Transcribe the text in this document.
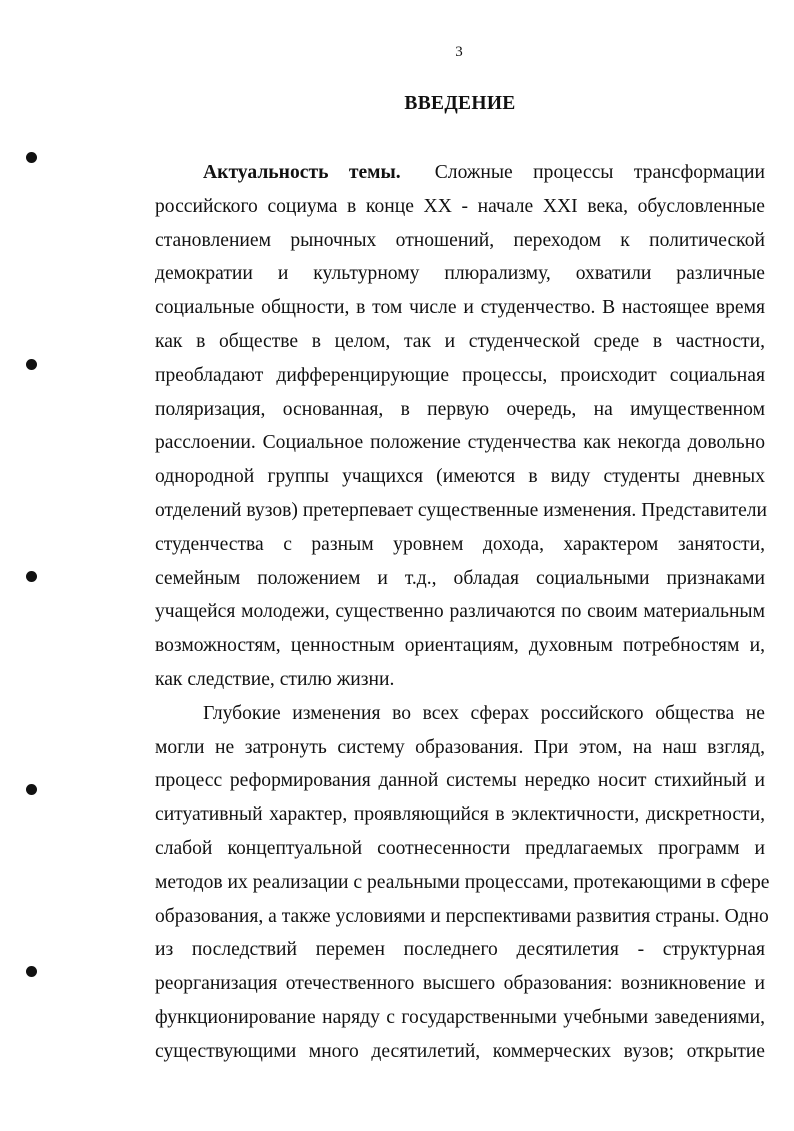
3
ВВЕДЕНИЕ

Актуальность темы. Сложные процессы трансформации
российского социума в конце XX - начале XXI века, обусловленные
становлением рыночных отношений, переходом к политической
демократии и культурному плюрализму, охватили различные
социальные общности, в том числе и студенчество. В настоящее время
как в обществе в целом, так и студенческой среде в частности,
преобладают дифференцирующие процессы, происходит социальная
поляризация, основанная, в первую очередь, на имущественном
расслоении. Социальное положение студенчества как некогда довольно
однородной группы учащихся (имеются в виду студенты дневных
отделений вузов) претерпевает существенные изменения. Представители
студенчества с разным уровнем дохода, характером занятости,
семейным положением и т.д., обладая социальными признаками
учащейся молодежи, существенно различаются по своим материальным
возможностям, ценностным ориентациям, духовным потребностям и,
как следствие, стилю жизни.

Глубокие изменения во всех сферах российского общества не
могли не затронуть систему образования. При этом, на наш взгляд,
процесс реформирования данной системы нередко носит стихийный и
ситуативный характер, проявляющийся в эклектичности, дискретности,
слабой концептуальной соотнесенности предлагаемых программ и
методов их реализации с реальными процессами, протекающими в сфере
образования, а также условиями и перспективами развития страны. Одно
из последствий перемен последнего десятилетия - структурная
реорганизация отечественного высшего образования: возникновение и
функционирование наряду с государственными учебными заведениями,
существующими много десятилетий, коммерческих вузов; открытие
